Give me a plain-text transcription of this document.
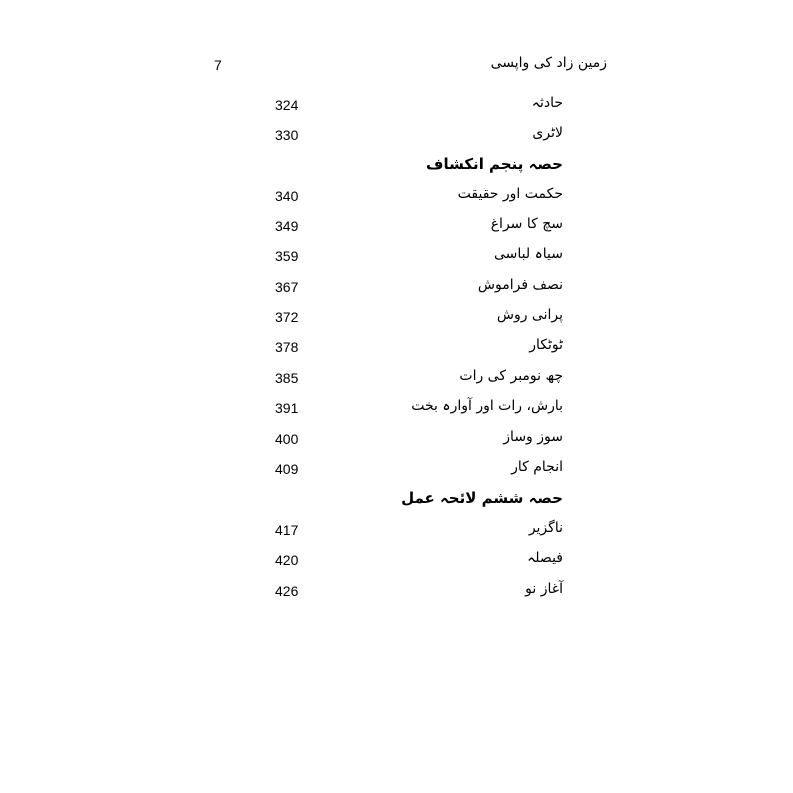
7	زمین زاد کی واپسی
324	حادثہ
330	لاٹری
حصہ پنجم انکشاف
340	حکمت اور حقیقت
349	سچ کا سراغ
359	سیاہ لباسی
367	نصف فراموش
372	پرانی روش
378	ٹوٹکار
385	چھ نومبر کی رات
391	بارش، رات اور آوارہ بخت
400	سوز وساز
409	انجام کار
حصہ ششم لائحہ عمل
417	ناگزیر
420	فیصلہ
426	آغاز نو
